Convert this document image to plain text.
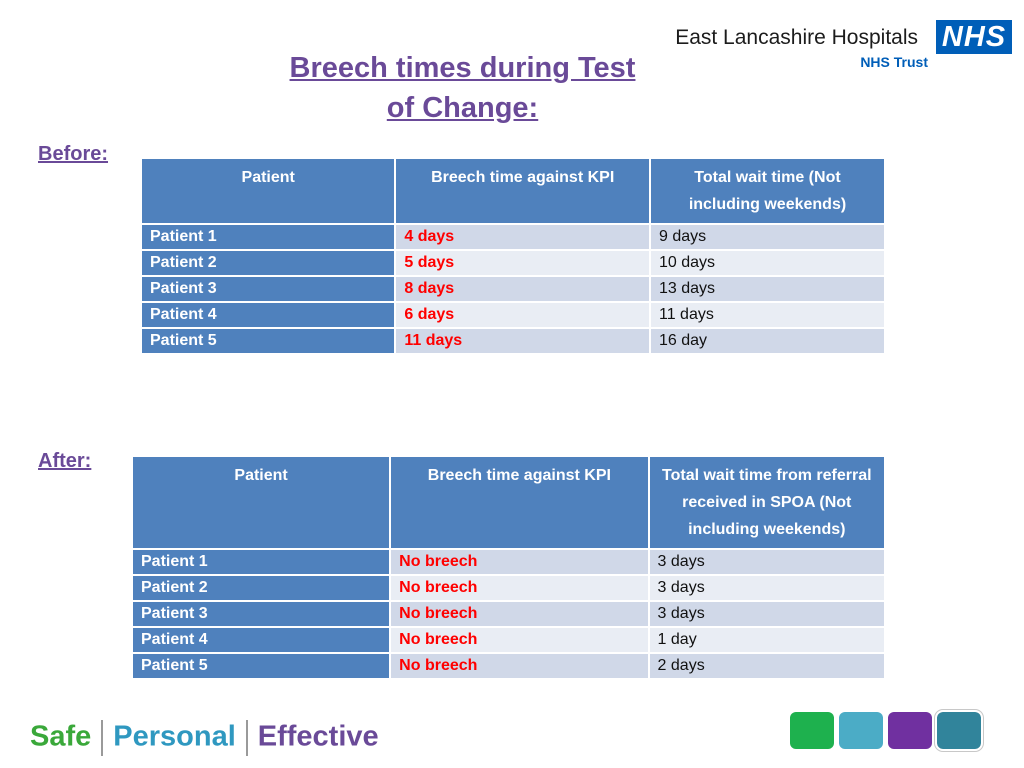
Breech times during Test
of Change:
East Lancashire Hospitals NHS
NHS Trust
Before:
Patient	Breech time against KPI	Total wait time (Not including weekends)
Patient 1	4 days	9 days
Patient 2	5 days	10 days
Patient 3	8 days	13 days
Patient 4	6 days	11 days
Patient 5	11 days	16 day
After:
Patient	Breech time against KPI	Total wait time from referral received in SPOA (Not including weekends)
Patient 1	No breech	3 days
Patient 2	No breech	3 days
Patient 3	No breech	3 days
Patient 4	No breech	1 day
Patient 5	No breech	2 days
Safe Personal Effective
